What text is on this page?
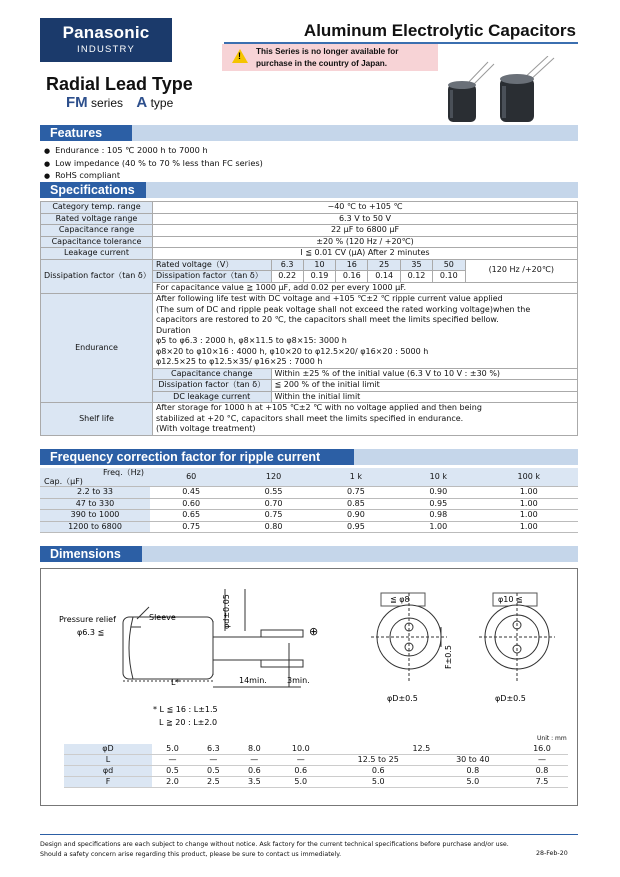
Panasonic
INDUSTRY
Aluminum Electrolytic Capacitors
! This Series is no longer available for
purchase in the country of Japan.
Radial Lead Type
FM series A type
Features
● Endurance : 105 ℃ 2000 h to 7000 h
● Low impedance (40 % to 70 % less than FC series)
● RoHS compliant
Specifications
Category temp. range	−40 ℃ to +105 ℃
Rated voltage range	6.3 V to 50 V
Capacitance range	22 μF to 6800 μF
Capacitance tolerance	±20 % (120 Hz / +20℃)
Leakage current	I ≦ 0.01 CV (μA) After 2 minutes
Dissipation factor（tan δ）	
Rated voltage（V）	6.3	10	16	25	35	50	(120 Hz /+20℃)
Dissipation factor（tan δ）	0.22	0.19	0.16	0.14	0.12	0.10
For capacitance value ≧ 1000 μF, add 0.02 per every 1000 μF.

Endurance	
After following life test with DC voltage and +105 ℃±2 ℃ ripple current value applied
(The sum of DC and ripple peak voltage shall not exceed the rated working voltage)when the
capacitors are restored to 20 ℃, the capacitors shall meet the limits specified bellow.
Duration
φ5 to φ6.3 : 2000 h, φ8×11.5 to φ8×15: 3000 h
φ8×20 to φ10×16 : 4000 h, φ10×20 to φ12.5×20/ φ16×20 : 5000 h
φ12.5×25 to φ12.5×35/ φ16×25 : 7000 h
Capacitance change	Within ±25 % of the initial value (6.3 V to 10 V : ±30 %)
Dissipation factor（tan δ）	≦ 200 % of the initial limit
DC leakage current	Within the initial limit

Shelf life	
After storage for 1000 h at +105 ℃±2 ℃ with no voltage applied and then being
stabilized at +20 °C, capacitors shall meet the limits specified in endurance.
(With voltage treatment)
Frequency correction factor for ripple current
Freq.（Hz)
Cap.（μF)	60	120	1 k	10 k	100 k
2.2 to 33	0.45	0.55	0.75	0.90	1.00
47 to 330	0.60	0.70	0.85	0.95	1.00
390 to 1000	0.65	0.75	0.90	0.98	1.00
1200 to 6800	0.75	0.80	0.95	1.00	1.00
Dimensions
Sleeve
Pressure relief
φ6.3 ≦
φd±0.05
⊕
L*	14min.	3min.
* L ≦ 16 : L±1.5
L ≧ 20 : L±2.0
≦ φ8
F±0.5
φD±0.5
φ10 ≦
φD±0.5
Unit : mm
φD	5.0	6.3	8.0	10.0	12.5		16.0
L	—	—	—	—	12.5 to 25	30 to 40	—
φd	0.5	0.5	0.6	0.6	0.6	0.8	0.8
F	2.0	2.5	3.5	5.0	5.0	5.0	7.5
Design and specifications are each subject to change without notice. Ask factory for the current technical specifications before purchase and/or use.
Should a safety concern arise regarding this product, please be sure to contact us immediately.	28-Feb-20
